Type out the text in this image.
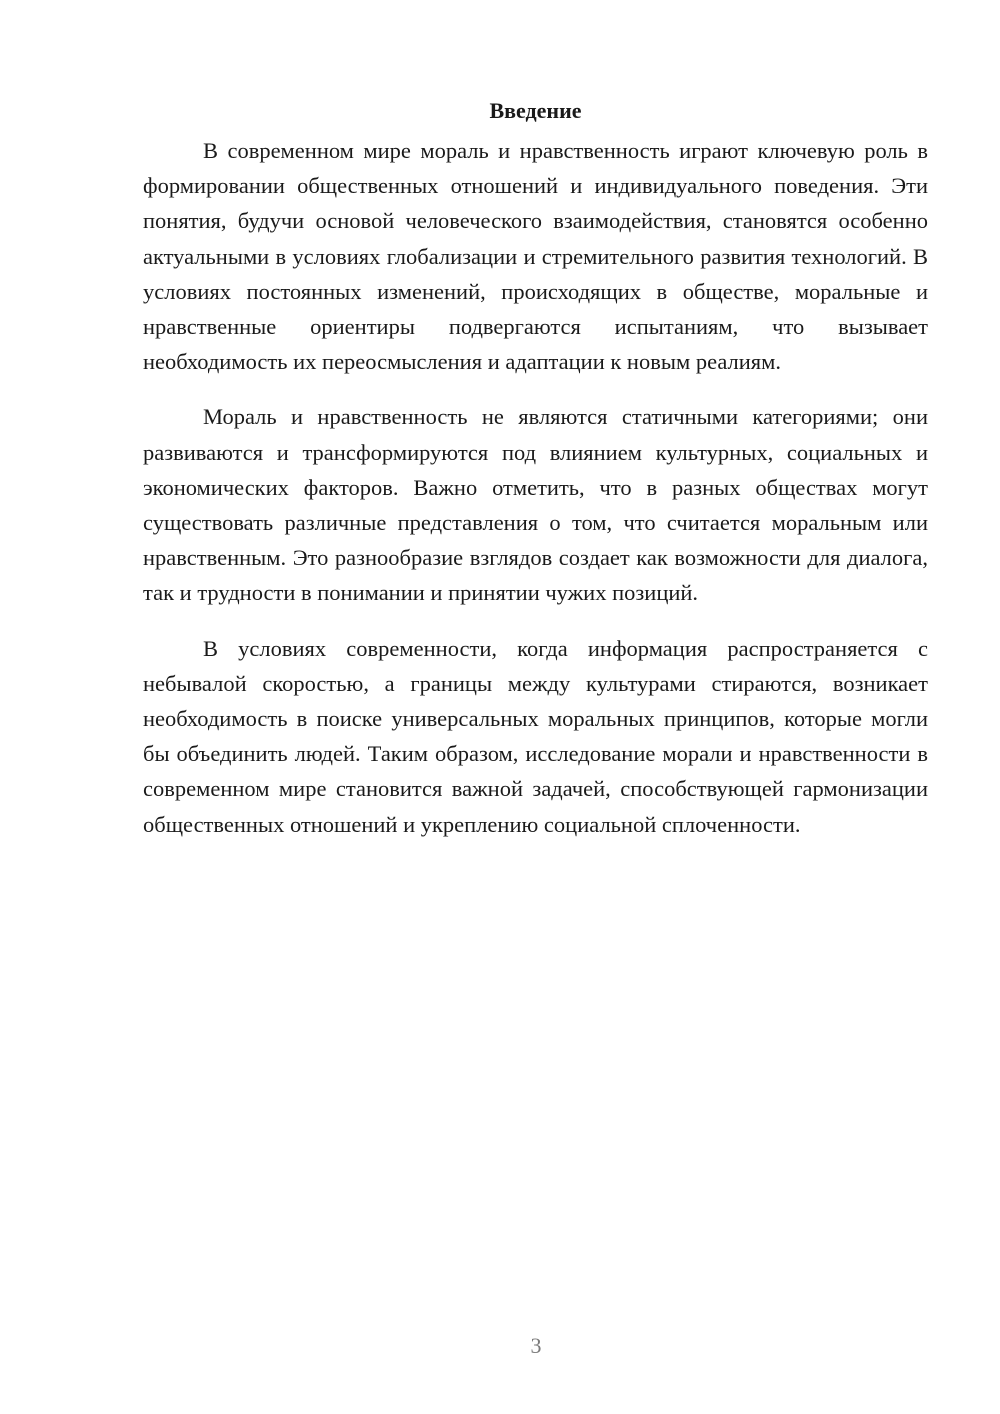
Введение

В современном мире мораль и нравственность играют ключевую роль в формировании общественных отношений и индивидуального поведения. Эти понятия, будучи основой человеческого взаимодействия, становятся особенно актуальными в условиях глобализации и стремительного развития технологий. В условиях постоянных изменений, происходящих в обществе, моральные и нравственные ориентиры подвергаются испытаниям, что вызывает необходимость их переосмысления и адаптации к новым реалиям.

Мораль и нравственность не являются статичными категориями; они развиваются и трансформируются под влиянием культурных, социальных и экономических факторов. Важно отметить, что в разных обществах могут существовать различные представления о том, что считается моральным или нравственным. Это разнообразие взглядов создает как возможности для диалога, так и трудности в понимании и принятии чужих позиций.

В условиях современности, когда информация распространяется с небывалой скоростью, а границы между культурами стираются, возникает необходимость в поиске универсальных моральных принципов, которые могли бы объединить людей. Таким образом, исследование морали и нравственности в современном мире становится важной задачей, способствующей гармонизации общественных отношений и укреплению социальной сплоченности.

3
